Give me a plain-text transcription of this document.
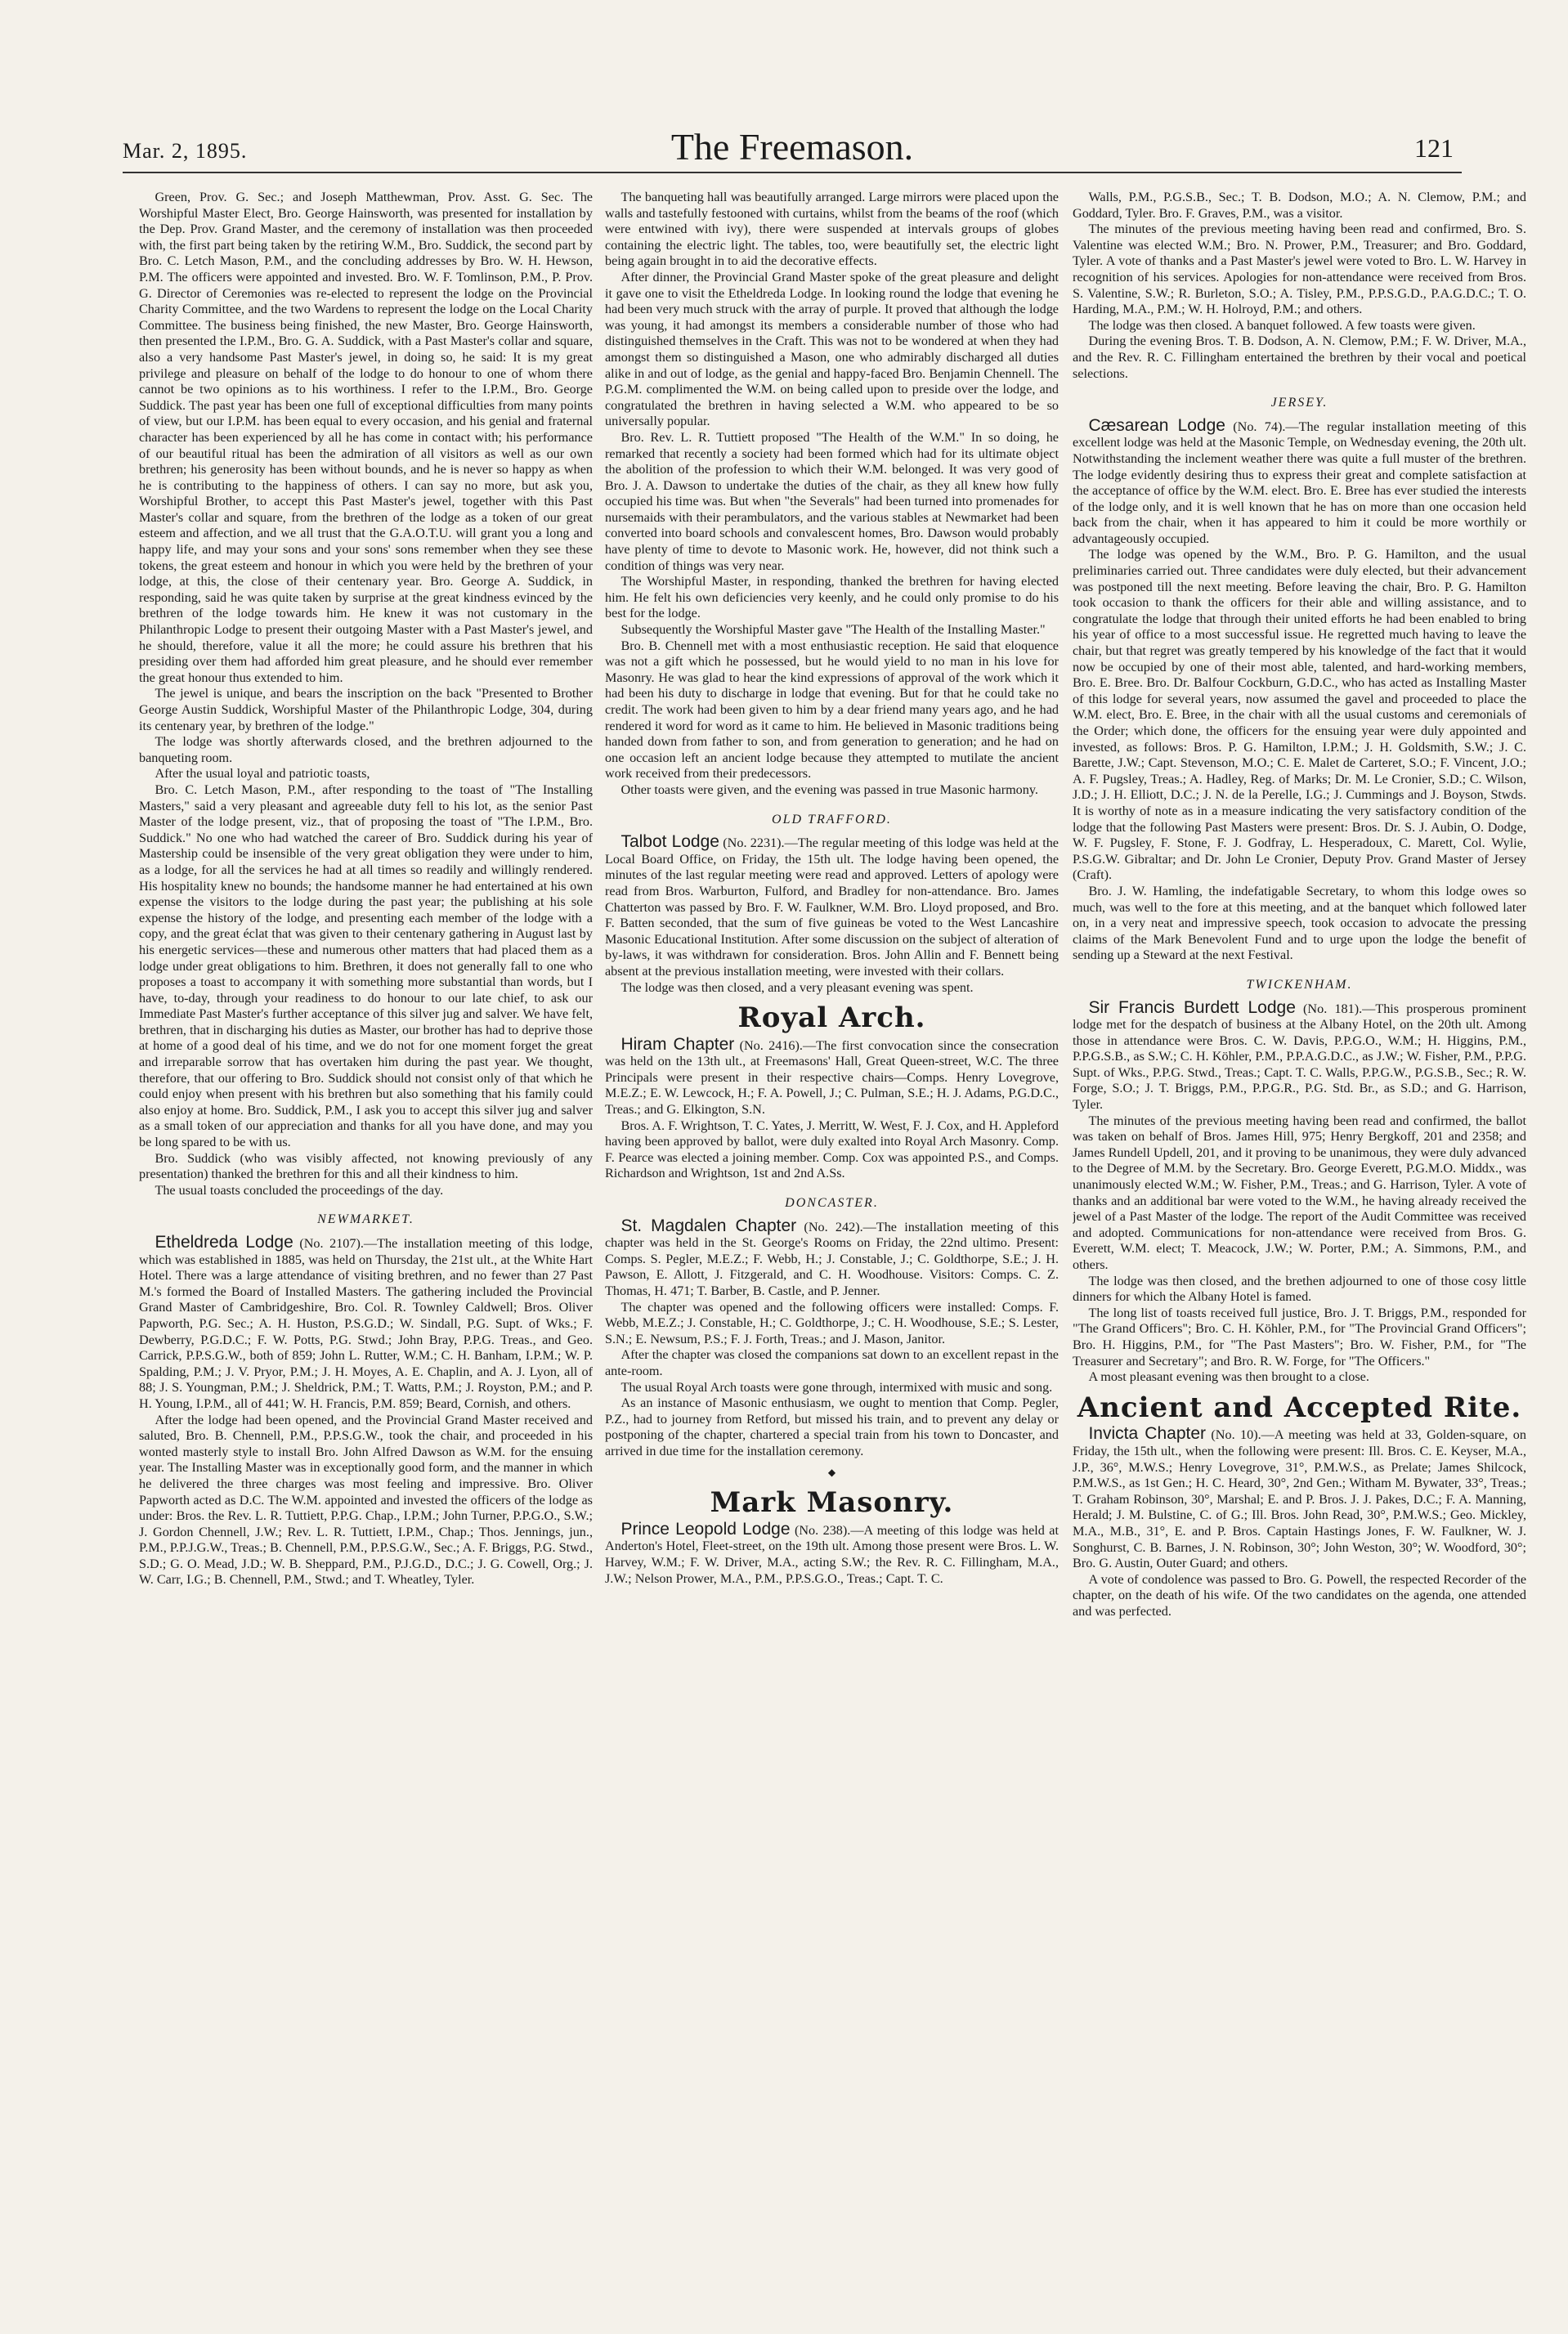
Mar. 2, 1895.	The Freemason.	121

Green, Prov. G. Sec.; and Joseph Matthewman, Prov. Asst. G. Sec. The Worshipful Master Elect, Bro. George Hainsworth, was presented for installation by the Dep. Prov. Grand Master, and the ceremony of installation was then proceeded with, the first part being taken by the retiring W.M., Bro. Suddick, the second part by Bro. C. Letch Mason, P.M., and the concluding addresses by Bro. W. H. Hewson, P.M. The officers were appointed and invested. Bro. W. F. Tomlinson, P.M., P. Prov. G. Director of Ceremonies was re-elected to represent the lodge on the Provincial Charity Committee, and the two Wardens to represent the lodge on the Local Charity Committee. The business being finished, the new Master, Bro. George Hainsworth, then presented the I.P.M., Bro. G. A. Suddick, with a Past Master's collar and square, also a very handsome Past Master's jewel, in doing so, he said: It is my great privilege and pleasure on behalf of the lodge to do honour to one of whom there cannot be two opinions as to his worthiness. I refer to the I.P.M., Bro. George Suddick. The past year has been one full of exceptional difficulties from many points of view, but our I.P.M. has been equal to every occasion, and his genial and fraternal character has been experienced by all he has come in contact with; his performance of our beautiful ritual has been the admiration of all visitors as well as our own brethren; his generosity has been without bounds, and he is never so happy as when he is contributing to the happiness of others. I can say no more, but ask you, Worshipful Brother, to accept this Past Master's jewel, together with this Past Master's collar and square, from the brethren of the lodge as a token of our great esteem and affection, and we all trust that the G.A.O.T.U. will grant you a long and happy life, and may your sons and your sons' sons remember when they see these tokens, the great esteem and honour in which you were held by the brethren of your lodge, at this, the close of their centenary year. Bro. George A. Suddick, in responding, said he was quite taken by surprise at the great kindness evinced by the brethren of the lodge towards him. He knew it was not customary in the Philanthropic Lodge to present their outgoing Master with a Past Master's jewel, and he should, therefore, value it all the more; he could assure his brethren that his presiding over them had afforded him great pleasure, and he should ever remember the great honour thus extended to him.

The jewel is unique, and bears the inscription on the back "Presented to Brother George Austin Suddick, Worshipful Master of the Philanthropic Lodge, 304, during its centenary year, by brethren of the lodge."

The lodge was shortly afterwards closed, and the brethren adjourned to the banqueting room.

After the usual loyal and patriotic toasts,

Bro. C. Letch Mason, P.M., after responding to the toast of "The Installing Masters," said a very pleasant and agreeable duty fell to his lot, as the senior Past Master of the lodge present, viz., that of proposing the toast of "The I.P.M., Bro. Suddick." No one who had watched the career of Bro. Suddick during his year of Mastership could be insensible of the very great obligation they were under to him, as a lodge, for all the services he had at all times so readily and willingly rendered. His hospitality knew no bounds; the handsome manner he had entertained at his own expense the visitors to the lodge during the past year; the publishing at his sole expense the history of the lodge, and presenting each member of the lodge with a copy, and the great éclat that was given to their centenary gathering in August last by his energetic services—these and numerous other matters that had placed them as a lodge under great obligations to him. Brethren, it does not generally fall to one who proposes a toast to accompany it with something more substantial than words, but I have, to-day, through your readiness to do honour to our late chief, to ask our Immediate Past Master's further acceptance of this silver jug and salver. We have felt, brethren, that in discharging his duties as Master, our brother has had to deprive those at home of a good deal of his time, and we do not for one moment forget the great and irreparable sorrow that has overtaken him during the past year. We thought, therefore, that our offering to Bro. Suddick should not consist only of that which he could enjoy when present with his brethren but also something that his family could also enjoy at home. Bro. Suddick, P.M., I ask you to accept this silver jug and salver as a small token of our appreciation and thanks for all you have done, and may you be long spared to be with us.

Bro. Suddick (who was visibly affected, not knowing previously of any presentation) thanked the brethren for this and all their kindness to him.

The usual toasts concluded the proceedings of the day.

NEWMARKET.

Etheldreda Lodge (No. 2107).—The installation meeting of this lodge, which was established in 1885, was held on Thursday, the 21st ult., at the White Hart Hotel. There was a large attendance of visiting brethren, and no fewer than 27 Past M.'s formed the Board of Installed Masters. The gathering included the Provincial Grand Master of Cambridgeshire, Bro. Col. R. Townley Caldwell; Bros. Oliver Papworth, P.G. Sec.; A. H. Huston, P.S.G.D.; W. Sindall, P.G. Supt. of Wks.; F. Dewberry, P.G.D.C.; F. W. Potts, P.G. Stwd.; John Bray, P.P.G. Treas., and Geo. Carrick, P.P.S.G.W., both of 859; John L. Rutter, W.M.; C. H. Banham, I.P.M.; W. P. Spalding, P.M.; J. V. Pryor, P.M.; J. H. Moyes, A. E. Chaplin, and A. J. Lyon, all of 88; J. S. Youngman, P.M.; J. Sheldrick, P.M.; T. Watts, P.M.; J. Royston, P.M.; and P. H. Young, I.P.M., all of 441; W. H. Francis, P.M. 859; Beard, Cornish, and others.

After the lodge had been opened, and the Provincial Grand Master received and saluted, Bro. B. Chennell, P.M., P.P.S.G.W., took the chair, and proceeded in his wonted masterly style to install Bro. John Alfred Dawson as W.M. for the ensuing year. The Installing Master was in exceptionally good form, and the manner in which he delivered the three charges was most feeling and impressive. Bro. Oliver Papworth acted as D.C. The W.M. appointed and invested the officers of the lodge as under: Bros. the Rev. L. R. Tuttiett, P.P.G. Chap., I.P.M.; John Turner, P.P.G.O., S.W.; J. Gordon Chennell, J.W.; Rev. L. R. Tuttiett, I.P.M., Chap.; Thos. Jennings, jun., P.M., P.P.J.G.W., Treas.; B. Chennell, P.M., P.P.S.G.W., Sec.; A. F. Briggs, P.G. Stwd., S.D.; G. O. Mead, J.D.; W. B. Sheppard, P.M., P.J.G.D., D.C.; J. G. Cowell, Org.; J. W. Carr, I.G.; B. Chennell, P.M., Stwd.; and T. Wheatley, Tyler.

The banqueting hall was beautifully arranged. Large mirrors were placed upon the walls and tastefully festooned with curtains, whilst from the beams of the roof (which were entwined with ivy), there were suspended at intervals groups of globes containing the electric light. The tables, too, were beautifully set, the electric light being again brought in to aid the decorative effects.

After dinner, the Provincial Grand Master spoke of the great pleasure and delight it gave one to visit the Etheldreda Lodge. In looking round the lodge that evening he had been very much struck with the array of purple. It proved that although the lodge was young, it had amongst its members a considerable number of those who had distinguished themselves in the Craft. This was not to be wondered at when they had amongst them so distinguished a Mason, one who admirably discharged all duties alike in and out of lodge, as the genial and happy-faced Bro. Benjamin Chennell. The P.G.M. complimented the W.M. on being called upon to preside over the lodge, and congratulated the brethren in having selected a W.M. who appeared to be so universally popular.

Bro. Rev. L. R. Tuttiett proposed "The Health of the W.M." In so doing, he remarked that recently a society had been formed which had for its ultimate object the abolition of the profession to which their W.M. belonged. It was very good of Bro. J. A. Dawson to undertake the duties of the chair, as they all knew how fully occupied his time was. But when "the Severals" had been turned into promenades for nursemaids with their perambulators, and the various stables at Newmarket had been converted into board schools and convalescent homes, Bro. Dawson would probably have plenty of time to devote to Masonic work. He, however, did not think such a condition of things was very near.

The Worshipful Master, in responding, thanked the brethren for having elected him. He felt his own deficiencies very keenly, and he could only promise to do his best for the lodge.

Subsequently the Worshipful Master gave "The Health of the Installing Master."

Bro. B. Chennell met with a most enthusiastic reception. He said that eloquence was not a gift which he possessed, but he would yield to no man in his love for Masonry. He was glad to hear the kind expressions of approval of the work which it had been his duty to discharge in lodge that evening. But for that he could take no credit. The work had been given to him by a dear friend many years ago, and he had rendered it word for word as it came to him. He believed in Masonic traditions being handed down from father to son, and from generation to generation; and he had on one occasion left an ancient lodge because they attempted to mutilate the ancient work received from their predecessors.

Other toasts were given, and the evening was passed in true Masonic harmony.

OLD TRAFFORD.

Talbot Lodge (No. 2231).—The regular meeting of this lodge was held at the Local Board Office, on Friday, the 15th ult. The lodge having been opened, the minutes of the last regular meeting were read and approved. Letters of apology were read from Bros. Warburton, Fulford, and Bradley for non-attendance. Bro. James Chatterton was passed by Bro. F. W. Faulkner, W.M. Bro. Lloyd proposed, and Bro. F. Batten seconded, that the sum of five guineas be voted to the West Lancashire Masonic Educational Institution. After some discussion on the subject of alteration of by-laws, it was withdrawn for consideration. Bros. John Allin and F. Bennett being absent at the previous installation meeting, were invested with their collars.

The lodge was then closed, and a very pleasant evening was spent.

Royal Arch.

Hiram Chapter (No. 2416).—The first convocation since the consecration was held on the 13th ult., at Freemasons' Hall, Great Queen-street, W.C. The three Principals were present in their respective chairs—Comps. Henry Lovegrove, M.E.Z.; E. W. Lewcock, H.; F. A. Powell, J.; C. Pulman, S.E.; H. J. Adams, P.G.D.C., Treas.; and G. Elkington, S.N.

Bros. A. F. Wrightson, T. C. Yates, J. Merritt, W. West, F. J. Cox, and H. Appleford having been approved by ballot, were duly exalted into Royal Arch Masonry. Comp. F. Pearce was elected a joining member. Comp. Cox was appointed P.S., and Comps. Richardson and Wrightson, 1st and 2nd A.Ss.

DONCASTER.

St. Magdalen Chapter (No. 242).—The installation meeting of this chapter was held in the St. George's Rooms on Friday, the 22nd ultimo. Present: Comps. S. Pegler, M.E.Z.; F. Webb, H.; J. Constable, J.; C. Goldthorpe, S.E.; J. H. Pawson, E. Allott, J. Fitzgerald, and C. H. Woodhouse. Visitors: Comps. C. Z. Thomas, H. 471; T. Barber, B. Castle, and P. Jenner.

The chapter was opened and the following officers were installed: Comps. F. Webb, M.E.Z.; J. Constable, H.; C. Goldthorpe, J.; C. H. Woodhouse, S.E.; S. Lester, S.N.; E. Newsum, P.S.; F. J. Forth, Treas.; and J. Mason, Janitor.

After the chapter was closed the companions sat down to an excellent repast in the ante-room.

The usual Royal Arch toasts were gone through, intermixed with music and song.

As an instance of Masonic enthusiasm, we ought to mention that Comp. Pegler, P.Z., had to journey from Retford, but missed his train, and to prevent any delay or postponing of the chapter, chartered a special train from his town to Doncaster, and arrived in due time for the installation ceremony.

◆
Mark Masonry.

Prince Leopold Lodge (No. 238).—A meeting of this lodge was held at Anderton's Hotel, Fleet-street, on the 19th ult. Among those present were Bros. L. W. Harvey, W.M.; F. W. Driver, M.A., acting S.W.; the Rev. R. C. Fillingham, M.A., J.W.; Nelson Prower, M.A., P.M., P.P.S.G.O., Treas.; Capt. T. C.

Walls, P.M., P.G.S.B., Sec.; T. B. Dodson, M.O.; A. N. Clemow, P.M.; and Goddard, Tyler. Bro. F. Graves, P.M., was a visitor.

The minutes of the previous meeting having been read and confirmed, Bro. S. Valentine was elected W.M.; Bro. N. Prower, P.M., Treasurer; and Bro. Goddard, Tyler. A vote of thanks and a Past Master's jewel were voted to Bro. L. W. Harvey in recognition of his services. Apologies for non-attendance were received from Bros. S. Valentine, S.W.; R. Burleton, S.O.; A. Tisley, P.M., P.P.S.G.D., P.A.G.D.C.; T. O. Harding, M.A., P.M.; W. H. Holroyd, P.M.; and others.

The lodge was then closed. A banquet followed. A few toasts were given.

During the evening Bros. T. B. Dodson, A. N. Clemow, P.M.; F. W. Driver, M.A., and the Rev. R. C. Fillingham entertained the brethren by their vocal and poetical selections.

JERSEY.

Cæsarean Lodge (No. 74).—The regular installation meeting of this excellent lodge was held at the Masonic Temple, on Wednesday evening, the 20th ult. Notwithstanding the inclement weather there was quite a full muster of the brethren. The lodge evidently desiring thus to express their great and complete satisfaction at the acceptance of office by the W.M. elect. Bro. E. Bree has ever studied the interests of the lodge only, and it is well known that he has on more than one occasion held back from the chair, when it has appeared to him it could be more worthily or advantageously occupied.

The lodge was opened by the W.M., Bro. P. G. Hamilton, and the usual preliminaries carried out. Three candidates were duly elected, but their advancement was postponed till the next meeting. Before leaving the chair, Bro. P. G. Hamilton took occasion to thank the officers for their able and willing assistance, and to congratulate the lodge that through their united efforts he had been enabled to bring his year of office to a most successful issue. He regretted much having to leave the chair, but that regret was greatly tempered by his knowledge of the fact that it would now be occupied by one of their most able, talented, and hard-working members, Bro. E. Bree. Bro. Dr. Balfour Cockburn, G.D.C., who has acted as Installing Master of this lodge for several years, now assumed the gavel and proceeded to place the W.M. elect, Bro. E. Bree, in the chair with all the usual customs and ceremonials of the Order; which done, the officers for the ensuing year were duly appointed and invested, as follows: Bros. P. G. Hamilton, I.P.M.; J. H. Goldsmith, S.W.; J. C. Barette, J.W.; Capt. Stevenson, M.O.; C. E. Malet de Carteret, S.O.; F. Vincent, J.O.; A. F. Pugsley, Treas.; A. Hadley, Reg. of Marks; Dr. M. Le Cronier, S.D.; C. Wilson, J.D.; J. H. Elliott, D.C.; J. N. de la Perelle, I.G.; J. Cummings and J. Boyson, Stwds. It is worthy of note as in a measure indicating the very satisfactory condition of the lodge that the following Past Masters were present: Bros. Dr. S. J. Aubin, O. Dodge, W. F. Pugsley, F. Stone, F. J. Godfray, L. Hesperadoux, C. Marett, Col. Wylie, P.S.G.W. Gibraltar; and Dr. John Le Cronier, Deputy Prov. Grand Master of Jersey (Craft).

Bro. J. W. Hamling, the indefatigable Secretary, to whom this lodge owes so much, was well to the fore at this meeting, and at the banquet which followed later on, in a very neat and impressive speech, took occasion to advocate the pressing claims of the Mark Benevolent Fund and to urge upon the lodge the benefit of sending up a Steward at the next Festival.

TWICKENHAM.

Sir Francis Burdett Lodge (No. 181).—This prosperous prominent lodge met for the despatch of business at the Albany Hotel, on the 20th ult. Among those in attendance were Bros. C. W. Davis, P.P.G.O., W.M.; H. Higgins, P.M., P.P.G.S.B., as S.W.; C. H. Köhler, P.M., P.P.A.G.D.C., as J.W.; W. Fisher, P.M., P.P.G. Supt. of Wks., P.P.G. Stwd., Treas.; Capt. T. C. Walls, P.P.G.W., P.G.S.B., Sec.; R. W. Forge, S.O.; J. T. Briggs, P.M., P.P.G.R., P.G. Std. Br., as S.D.; and G. Harrison, Tyler.

The minutes of the previous meeting having been read and confirmed, the ballot was taken on behalf of Bros. James Hill, 975; Henry Bergkoff, 201 and 2358; and James Rundell Updell, 201, and it proving to be unanimous, they were duly advanced to the Degree of M.M. by the Secretary. Bro. George Everett, P.G.M.O. Middx., was unanimously elected W.M.; W. Fisher, P.M., Treas.; and G. Harrison, Tyler. A vote of thanks and an additional bar were voted to the W.M., he having already received the jewel of a Past Master of the lodge. The report of the Audit Committee was received and adopted. Communications for non-attendance were received from Bros. G. Everett, W.M. elect; T. Meacock, J.W.; W. Porter, P.M.; A. Simmons, P.M., and others.

The lodge was then closed, and the brethen adjourned to one of those cosy little dinners for which the Albany Hotel is famed.

The long list of toasts received full justice, Bro. J. T. Briggs, P.M., responded for "The Grand Officers"; Bro. C. H. Köhler, P.M., for "The Provincial Grand Officers"; Bro. H. Higgins, P.M., for "The Past Masters"; Bro. W. Fisher, P.M., for "The Treasurer and Secretary"; and Bro. R. W. Forge, for "The Officers."

A most pleasant evening was then brought to a close.

Ancient and Accepted Rite.

Invicta Chapter (No. 10).—A meeting was held at 33, Golden-square, on Friday, the 15th ult., when the following were present: Ill. Bros. C. E. Keyser, M.A., J.P., 36°, M.W.S.; Henry Lovegrove, 31°, P.M.W.S., as Prelate; James Shilcock, P.M.W.S., as 1st Gen.; H. C. Heard, 30°, 2nd Gen.; Witham M. Bywater, 33°, Treas.; T. Graham Robinson, 30°, Marshal; E. and P. Bros. J. J. Pakes, D.C.; F. A. Manning, Herald; J. M. Bulstine, C. of G.; Ill. Bros. John Read, 30°, P.M.W.S.; Geo. Mickley, M.A., M.B., 31°, E. and P. Bros. Captain Hastings Jones, F. W. Faulkner, W. J. Songhurst, C. B. Barnes, J. N. Robinson, 30°; John Weston, 30°; W. Woodford, 30°; Bro. G. Austin, Outer Guard; and others.

A vote of condolence was passed to Bro. G. Powell, the respected Recorder of the chapter, on the death of his wife. Of the two candidates on the agenda, one attended and was perfected.
